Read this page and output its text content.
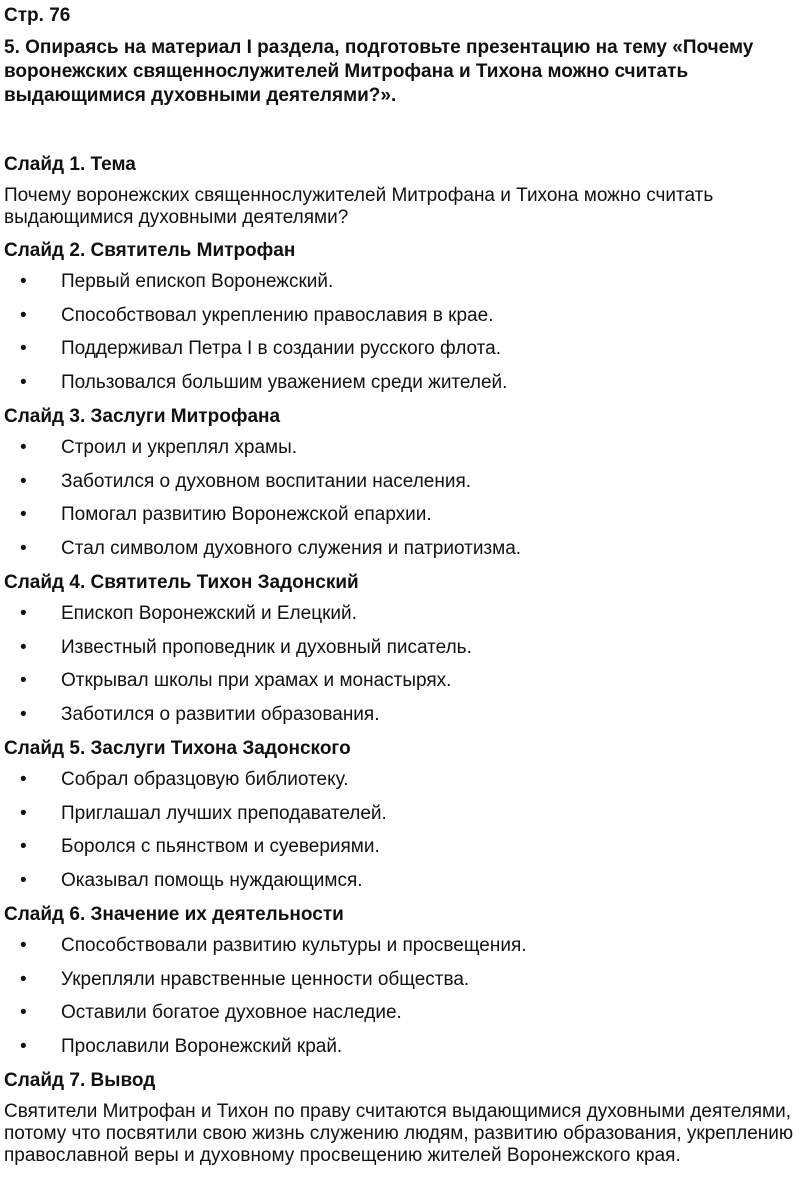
Стр. 76
5. Опираясь на материал I раздела, подготовьте презентацию на тему «Почему воронежских священнослужителей Митрофана и Тихона можно считать выдающимися духовными деятелями?».
Слайд 1. Тема
Почему воронежских священнослужителей Митрофана и Тихона можно считать выдающимися духовными деятелями?
Слайд 2. Святитель Митрофан
• Первый епископ Воронежский.
• Способствовал укреплению православия в крае.
• Поддерживал Петра I в создании русского флота.
• Пользовался большим уважением среди жителей.
Слайд 3. Заслуги Митрофана
• Строил и укреплял храмы.
• Заботился о духовном воспитании населения.
• Помогал развитию Воронежской епархии.
• Стал символом духовного служения и патриотизма.
Слайд 4. Святитель Тихон Задонский
• Епископ Воронежский и Елецкий.
• Известный проповедник и духовный писатель.
• Открывал школы при храмах и монастырях.
• Заботился о развитии образования.
Слайд 5. Заслуги Тихона Задонского
• Собрал образцовую библиотеку.
• Приглашал лучших преподавателей.
• Боролся с пьянством и суевериями.
• Оказывал помощь нуждающимся.
Слайд 6. Значение их деятельности
• Способствовали развитию культуры и просвещения.
• Укрепляли нравственные ценности общества.
• Оставили богатое духовное наследие.
• Прославили Воронежский край.
Слайд 7. Вывод
Святители Митрофан и Тихон по праву считаются выдающимися духовными деятелями, потому что посвятили свою жизнь служению людям, развитию образования, укреплению православной веры и духовному просвещению жителей Воронежского края.
